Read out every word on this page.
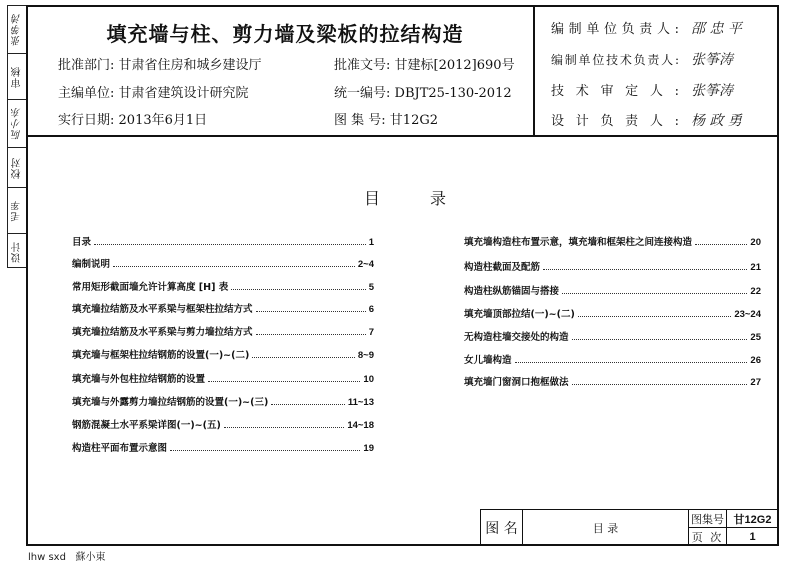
张筝涛
审核
阮小东
校对
毛军
设计
填充墙与柱、剪力墙及梁板的拉结构造
批准部门: 甘肃省住房和城乡建设厅
主编单位: 甘肃省建筑设计研究院
实行日期: 2013年6月1日
批准文号: 甘建标[2012]690号
统一编号: DBJT25-130-2012
图 集 号: 甘12G2
编制单位负责人: 邵 忠 平
编制单位技术负责人: 张筝涛
技术审定人: 张筝涛
设计负责人: 杨 政 勇
目	录
目录	1
编制说明	2~4
常用矩形截面墙允许计算高度 [H] 表	5
填充墙拉结筋及水平系梁与框架柱拉结方式	6
填充墙拉结筋及水平系梁与剪力墙拉结方式	7
填充墙与框架柱拉结钢筋的设置(一)~(二)	8~9
填充墙与外包柱拉结钢筋的设置	10
填充墙与外露剪力墙拉结钢筋的设置(一)~(三)	11~13
钢筋混凝土水平系梁详图(一)~(五)	14~18
构造柱平面布置示意图	19
填充墙构造柱布置示意，填充墙和框架柱之间连接构造	20
构造柱截面及配筋	21
构造柱纵筋锚固与搭接	22
填充墙顶部拉结(一)~(二)	23~24
无构造柱墙交接处的构造	25
女儿墙构造	26
填充墙门窗洞口抱框做法	27
图 名	目 录
图集号 甘12G2
页 次	1
lhw sxd   蘇小東
